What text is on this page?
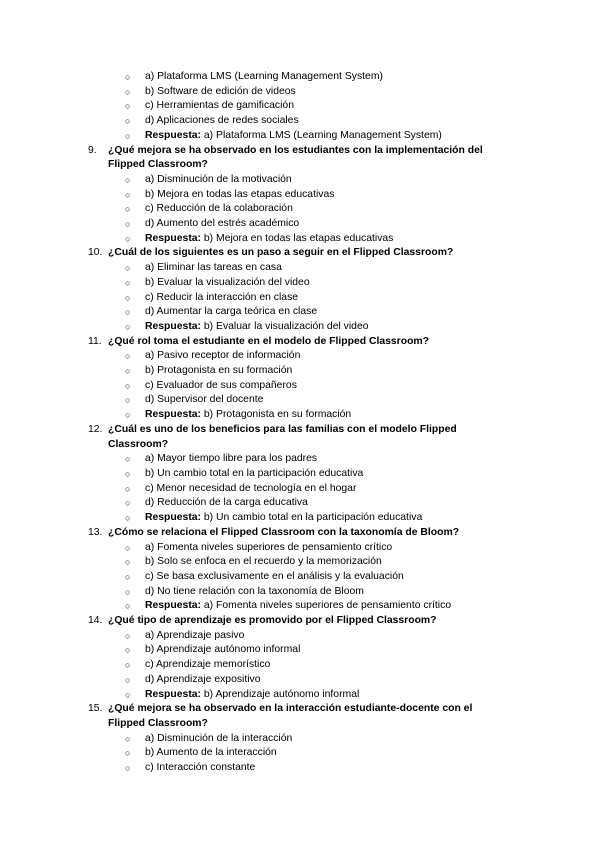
○ a) Plataforma LMS (Learning Management System)
○ b) Software de edición de videos
○ c) Herramientas de gamificación
○ d) Aplicaciones de redes sociales
○ Respuesta: a) Plataforma LMS (Learning Management System)
9.	¿Qué mejora se ha observado en los estudiantes con la implementación del Flipped Classroom?
○ a) Disminución de la motivación
○ b) Mejora en todas las etapas educativas
○ c) Reducción de la colaboración
○ d) Aumento del estrés académico
○ Respuesta: b) Mejora en todas las etapas educativas
10. ¿Cuál de los siguientes es un paso a seguir en el Flipped Classroom?
○ a) Eliminar las tareas en casa
○ b) Evaluar la visualización del video
○ c) Reducir la interacción en clase
○ d) Aumentar la carga teórica en clase
○ Respuesta: b) Evaluar la visualización del video
11. ¿Qué rol toma el estudiante en el modelo de Flipped Classroom?
○ a) Pasivo receptor de información
○ b) Protagonista en su formación
○ c) Evaluador de sus compañeros
○ d) Supervisor del docente
○ Respuesta: b) Protagonista en su formación
12. ¿Cuál es uno de los beneficios para las familias con el modelo Flipped Classroom?
○ a) Mayor tiempo libre para los padres
○ b) Un cambio total en la participación educativa
○ c) Menor necesidad de tecnología en el hogar
○ d) Reducción de la carga educativa
○ Respuesta: b) Un cambio total en la participación educativa
13. ¿Cómo se relaciona el Flipped Classroom con la taxonomía de Bloom?
○ a) Fomenta niveles superiores de pensamiento crítico
○ b) Solo se enfoca en el recuerdo y la memorización
○ c) Se basa exclusivamente en el análisis y la evaluación
○ d) No tiene relación con la taxonomía de Bloom
○ Respuesta: a) Fomenta niveles superiores de pensamiento crítico
14. ¿Qué tipo de aprendizaje es promovido por el Flipped Classroom?
○ a) Aprendizaje pasivo
○ b) Aprendizaje autónomo informal
○ c) Aprendizaje memorístico
○ d) Aprendizaje expositivo
○ Respuesta: b) Aprendizaje autónomo informal
15. ¿Qué mejora se ha observado en la interacción estudiante-docente con el Flipped Classroom?
○ a) Disminución de la interacción
○ b) Aumento de la interacción
○ c) Interacción constante
